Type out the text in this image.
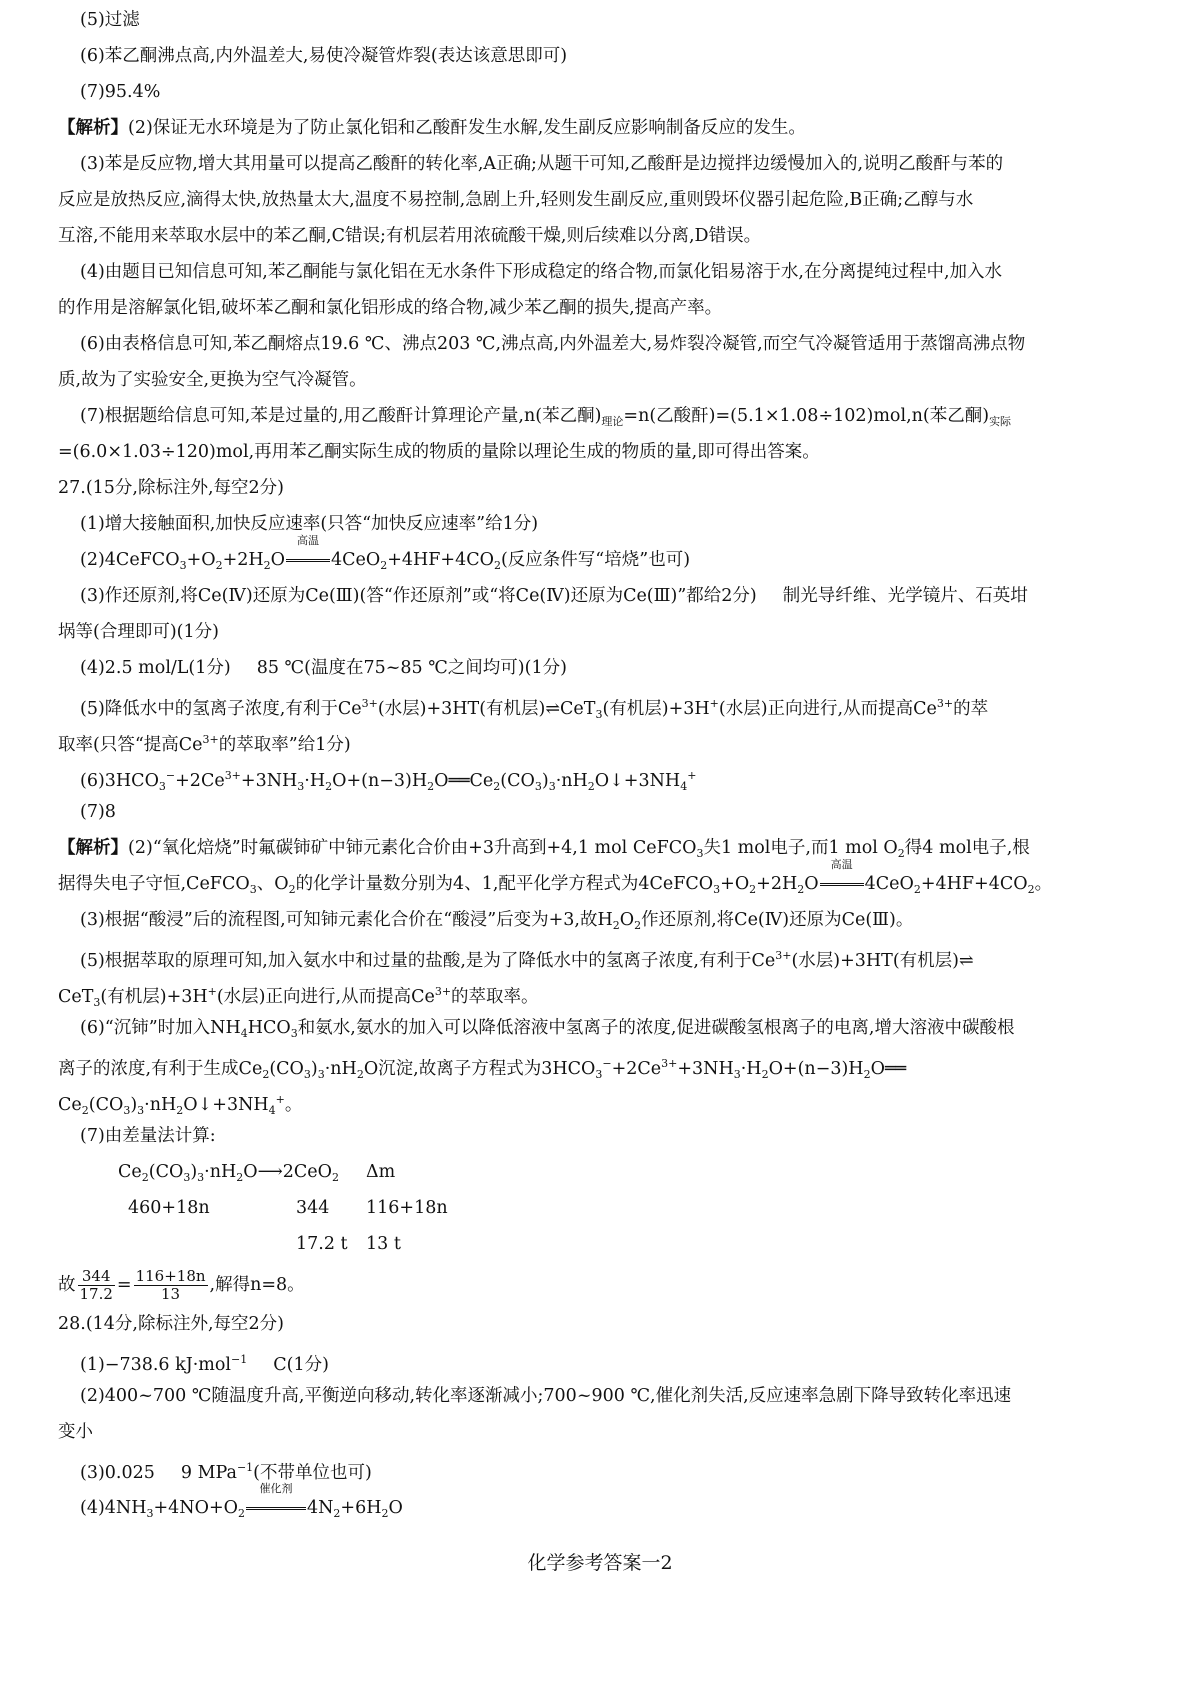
(5)过滤
(6)苯乙酮沸点高,内外温差大,易使冷凝管炸裂(表达该意思即可)
(7)95.4%
【解析】(2)保证无水环境是为了防止氯化铝和乙酸酐发生水解,发生副反应影响制备反应的发生。
(3)苯是反应物,增大其用量可以提高乙酸酐的转化率,A正确;从题干可知,乙酸酐是边搅拌边缓慢加入的,说明乙酸酐与苯的
反应是放热反应,滴得太快,放热量太大,温度不易控制,急剧上升,轻则发生副反应,重则毁坏仪器引起危险,B正确;乙醇与水
互溶,不能用来萃取水层中的苯乙酮,C错误;有机层若用浓硫酸干燥,则后续难以分离,D错误。
(4)由题目已知信息可知,苯乙酮能与氯化铝在无水条件下形成稳定的络合物,而氯化铝易溶于水,在分离提纯过程中,加入水
的作用是溶解氯化铝,破坏苯乙酮和氯化铝形成的络合物,减少苯乙酮的损失,提高产率。
(6)由表格信息可知,苯乙酮熔点19.6 ℃、沸点203 ℃,沸点高,内外温差大,易炸裂冷凝管,而空气冷凝管适用于蒸馏高沸点物
质,故为了实验安全,更换为空气冷凝管。
(7)根据题给信息可知,苯是过量的,用乙酸酐计算理论产量,n(苯乙酮)$_{理论}=n$(乙酸酐)=(5.1×1.08÷102)mol,n(苯乙酮)$_{实际}$
=(6.0×1.03÷120)mol,再用苯乙酮实际生成的物质的量除以理论生成的物质的量,即可得出答案。
27.(15分,除标注外,每空2分)
(1)增大接触面积,加快反应速率(只答“加快反应速率”给1分)
$(2)4CeFCO_3+O_2+2H_2O$
高温
$4CeO_2+4HF+4CO_2$(反应条件写“培烧”也可)
(3)作还原剂,将Ce(Ⅳ)还原为Ce(Ⅲ)(答“作还原剂”或“将Ce(Ⅳ)还原为Ce(Ⅲ)”都给2分) 制光导纤维、光学镜片、石英坩
埚等(合理即可)(1分)
(4)2.5 mol/L(1分) 85 ℃(温度在75~85 ℃之间均可)(1分)
(5)降低水中的氢离子浓度,有利于$Ce^{3+}$(水层)+3HT(有机层)⇌CeT$_3$(有机层)+3H+(水层)正向进行,从而提高$Ce^{3+}$的萃
取率(只答“提高$Ce^{3+}$的萃取率”给1分)
$(6)3HCO_3^-+2Ce^{3+}+3NH_3\cdot H_2O+(n-3)H_2O══Ce_2(CO_3)_3\cdot nH_2O↓+3NH_4^+$
(7)8
【解析】(2)“氧化焙烧”时氟碳铈矿中铈元素化合价由+3升高到+4,1 mol CeFCO$_3$失1 mol电子,而1 mol $O_2$得4 mol电子,根
据得失电子守恒,CeFCO$_3$、$O_2$的化学计量数分别为4、1,配平化学方程式为$4CeFCO_3+O_2+2H_2O$
高温
$4CeO_2+4HF+4CO_2$。
(3)根据“酸浸”后的流程图,可知铈元素化合价在“酸浸”后变为+3,故$H_2O_2$作还原剂,将Ce(Ⅳ)还原为Ce(Ⅲ)。
(5)根据萃取的原理可知,加入氨水中和过量的盐酸,是为了降低水中的氢离子浓度,有利于$Ce^{3+}$(水层)+3HT(有机层)⇌
CeT$_3$(有机层)+3H+(水层)正向进行,从而提高$Ce^{3+}$的萃取率。
(6)“沉铈”时加入$NH_4HCO_3$和氨水,氨水的加入可以降低溶液中氢离子的浓度,促进碳酸氢根离子的电离,增大溶液中碳酸根
离子的浓度,有利于生成$Ce_2(CO_3)_3\cdot nH_2O$沉淀,故离子方程式为$3HCO_3^-+2Ce^{3+}+3NH_3\cdot H_2O+(n-3)H_2O══$
$Ce_2(CO_3)_3\cdot nH_2O↓+3NH_4^+$。
(7)由差量法计算:
$Ce_2(CO_3)_3\cdot nH_2O⟶2CeO_2$ Δm
460+18n	344 116+18n
17.2 t 13 t
故 $\frac{344}{17.2} = \frac{116+18n}{13}$ ,解得n=8。
28.(14分,除标注外,每空2分)
(1)−738.6 kJ·mol$^{-1}$ C(1分)
(2)400~700 ℃随温度升高,平衡逆向移动,转化率逐渐减小;700~900 ℃,催化剂失活,反应速率急剧下降导致转化率迅速
变小
(3)0.025 9 MPa$^{-1}$(不带单位也可)
$(4)4NH_3+4NO+O_2$
催化剂
$4N_2+6H_2O$
化学参考答案一2
